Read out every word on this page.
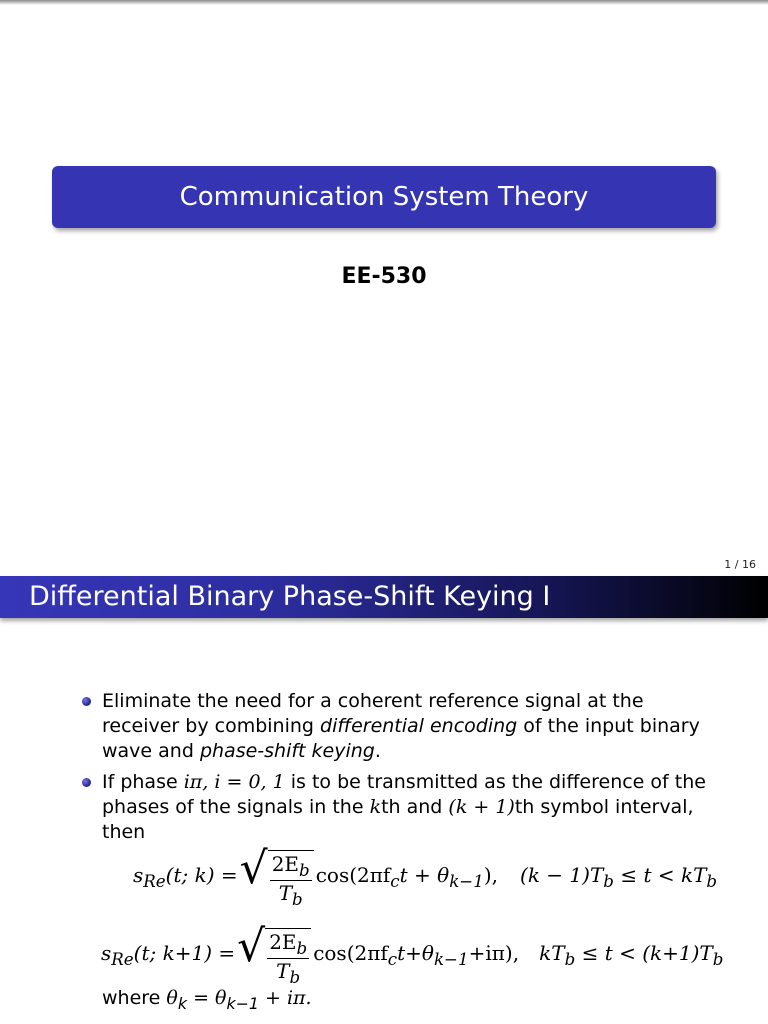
Communication System Theory
EE-530
1 / 16
Differential Binary Phase-Shift Keying I
Eliminate the need for a coherent reference signal at the receiver by combining differential encoding of the input binary wave and phase-shift keying.
If phase iπ, i = 0, 1 is to be transmitted as the difference of the phases of the signals in the kth and (k + 1)th symbol interval, then
$s_{Re}(t$; k) = √ $\frac{2E_b}{T_b} \cos(2\pi f_ct + \theta_{k-1})$, $(k - 1)T_b \le t < kT_b$
$s_{Re}(t$; k+1) = √ $\frac{2E_b}{T_b} \cos(2\pi f_ct+\theta_{k-1}+i\pi)$, $kT_b \le t < (k+1)T_b$
where $\theta_k = \theta_{k-1} + i\pi$.
